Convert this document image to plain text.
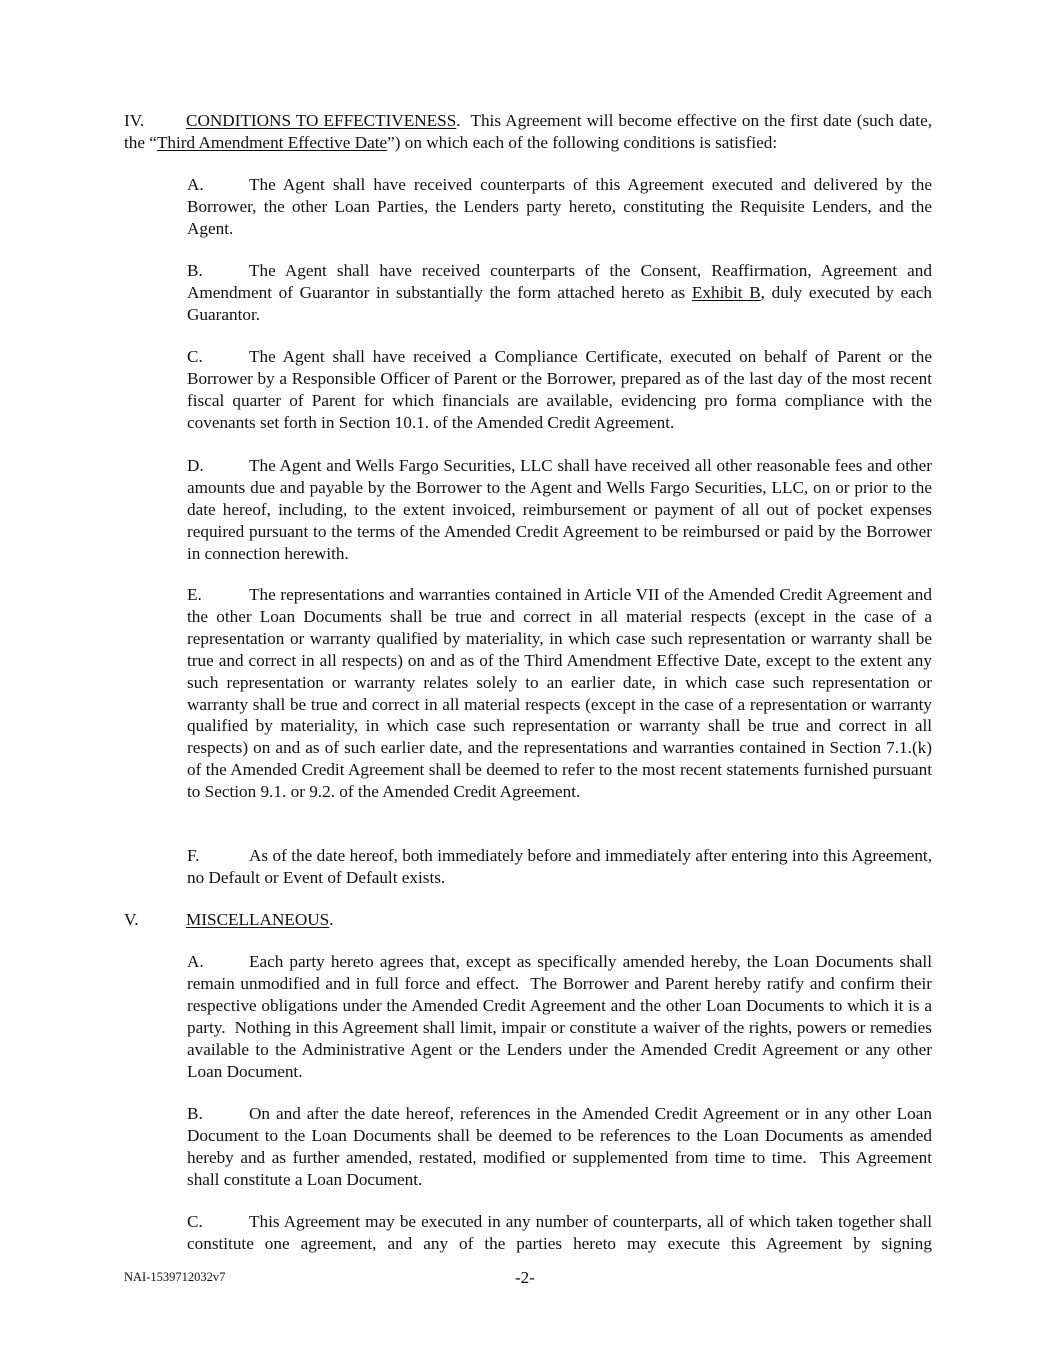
IV. CONDITIONS TO EFFECTIVENESS.  This Agreement will become effective on the first date (such date, the “Third Amendment Effective Date”) on which each of the following conditions is satisfied:

A.	The Agent shall have received counterparts of this Agreement executed and delivered by the Borrower, the other Loan Parties, the Lenders party hereto, constituting the Requisite Lenders, and the Agent.

B.	The Agent shall have received counterparts of the Consent, Reaffirmation, Agreement and Amendment of Guarantor in substantially the form attached hereto as Exhibit B, duly executed by each Guarantor.

C.	The Agent shall have received a Compliance Certificate, executed on behalf of Parent or the Borrower by a Responsible Officer of Parent or the Borrower, prepared as of the last day of the most recent fiscal quarter of Parent for which financials are available, evidencing pro forma compliance with the covenants set forth in Section 10.1. of the Amended Credit Agreement.

D.	The Agent and Wells Fargo Securities, LLC shall have received all other reasonable fees and other amounts due and payable by the Borrower to the Agent and Wells Fargo Securities, LLC, on or prior to the date hereof, including, to the extent invoiced, reimbursement or payment of all out of pocket expenses required pursuant to the terms of the Amended Credit Agreement to be reimbursed or paid by the Borrower in connection herewith.

E.	The representations and warranties contained in Article VII of the Amended Credit Agreement and the other Loan Documents shall be true and correct in all material respects (except in the case of a representation or warranty qualified by materiality, in which case such representation or warranty shall be true and correct in all respects) on and as of the Third Amendment Effective Date, except to the extent any such representation or warranty relates solely to an earlier date, in which case such representation or warranty shall be true and correct in all material respects (except in the case of a representation or warranty qualified by materiality, in which case such representation or warranty shall be true and correct in all respects) on and as of such earlier date, and the representations and warranties contained in Section 7.1.(k) of the Amended Credit Agreement shall be deemed to refer to the most recent statements furnished pursuant to Section 9.1. or 9.2. of the Amended Credit Agreement.

F.	As of the date hereof, both immediately before and immediately after entering into this Agreement, no Default or Event of Default exists.

V.	MISCELLANEOUS.

A.	Each party hereto agrees that, except as specifically amended hereby, the Loan Documents shall remain unmodified and in full force and effect.  The Borrower and Parent hereby ratify and confirm their respective obligations under the Amended Credit Agreement and the other Loan Documents to which it is a party.  Nothing in this Agreement shall limit, impair or constitute a waiver of the rights, powers or remedies available to the Administrative Agent or the Lenders under the Amended Credit Agreement or any other Loan Document.

B.	On and after the date hereof, references in the Amended Credit Agreement or in any other Loan Document to the Loan Documents shall be deemed to be references to the Loan Documents as amended hereby and as further amended, restated, modified or supplemented from time to time.  This Agreement shall constitute a Loan Document.

C.	This Agreement may be executed in any number of counterparts, all of which taken together shall constitute one agreement, and any of the parties hereto may execute this Agreement by signing

NAI-1539712032v7	-2-
